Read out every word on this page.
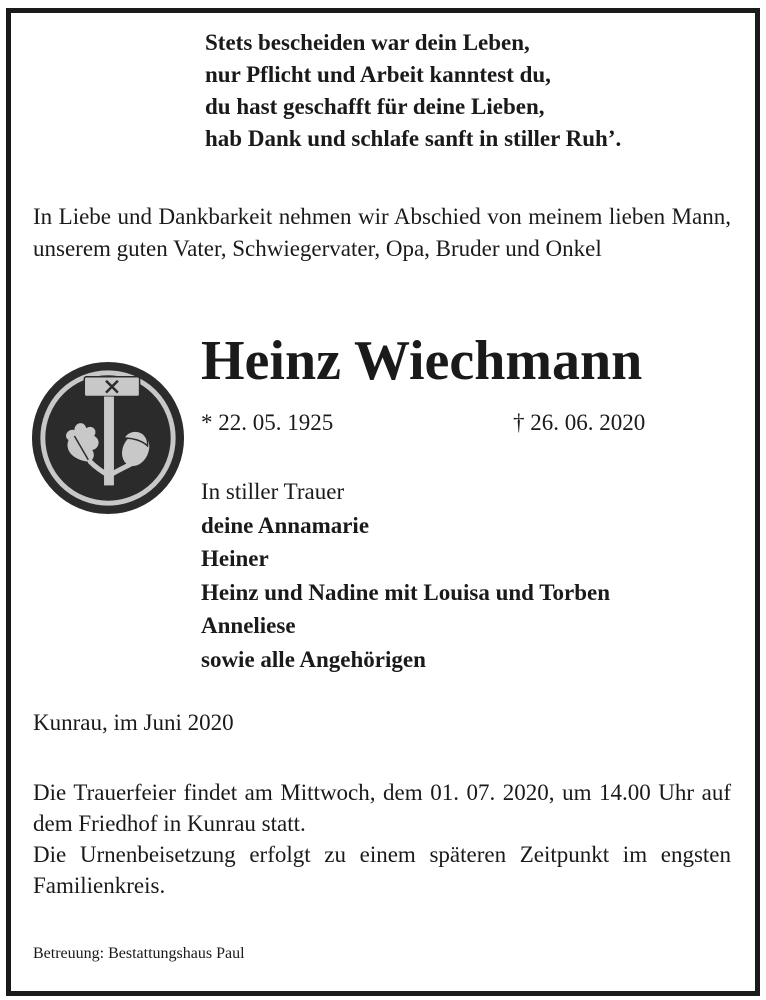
Stets bescheiden war dein Leben,
nur Pflicht und Arbeit kanntest du,
du hast geschafft für deine Lieben,
hab Dank und schlafe sanft in stiller Ruh’.
In Liebe und Dankbarkeit nehmen wir Abschied von meinem lieben Mann, unserem guten Vater, Schwiegervater, Opa, Bruder und Onkel
Heinz Wiechmann
* 22. 05. 1925	† 26. 06. 2020
In stiller Trauer
deine Annamarie
Heiner
Heinz und Nadine mit Louisa und Torben
Anneliese
sowie alle Angehörigen
Kunrau, im Juni 2020

Die Trauerfeier findet am Mittwoch, dem 01. 07. 2020, um 14.00 Uhr auf dem Friedhof in Kunrau statt.

Die Urnenbeisetzung erfolgt zu einem späteren Zeitpunkt im engsten Familienkreis.

Betreuung: Bestattungshaus Paul
